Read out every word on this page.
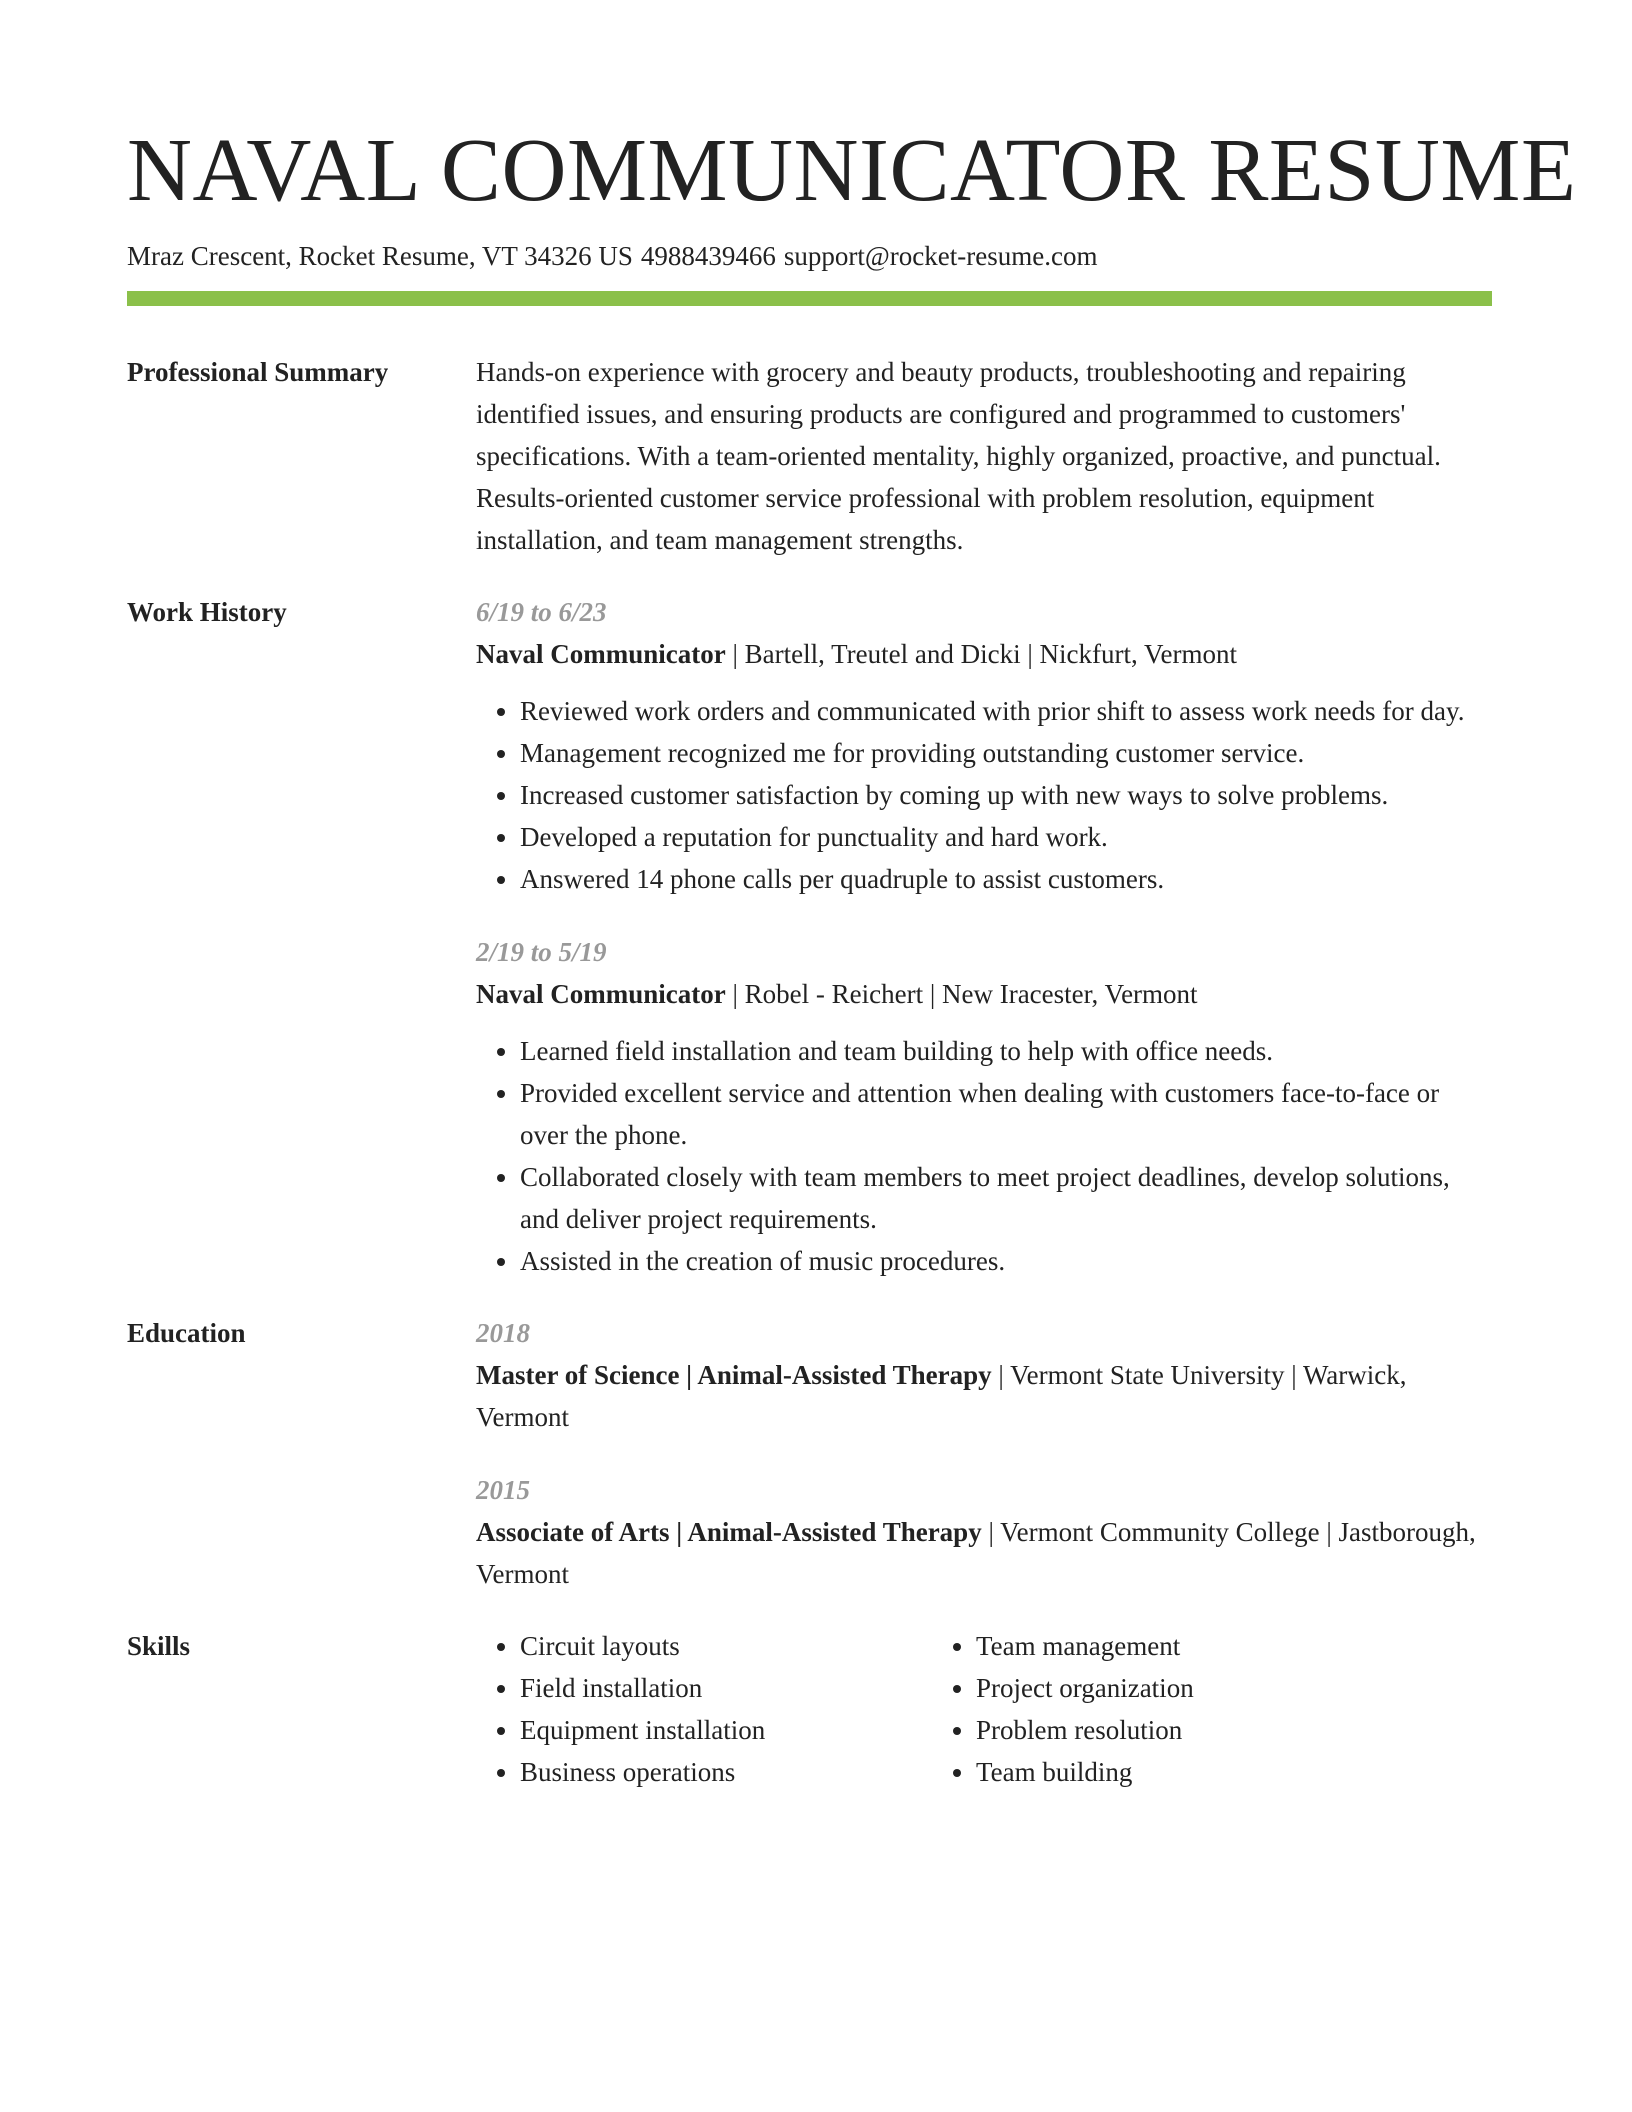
NAVAL COMMUNICATOR RESUME
Mraz Crescent, Rocket Resume, VT 34326 US 4988439466 support@rocket-resume.com
Professional Summary	Hands-on experience with grocery and beauty products, troubleshooting and repairing identified issues, and ensuring products are configured and programmed to customers' specifications. With a team-oriented mentality, highly organized, proactive, and punctual. Results-oriented customer service professional with problem resolution, equipment installation, and team management strengths.

Work History	6/19 to 6/23
Naval Communicator | Bartell, Treutel and Dicki | Nickfurt, Vermont
• Reviewed work orders and communicated with prior shift to assess work needs for day.
• Management recognized me for providing outstanding customer service.
• Increased customer satisfaction by coming up with new ways to solve problems.
• Developed a reputation for punctuality and hard work.
• Answered 14 phone calls per quadruple to assist customers.
2/19 to 5/19
Naval Communicator | Robel - Reichert | New Iracester, Vermont
• Learned field installation and team building to help with office needs.
• Provided excellent service and attention when dealing with customers face-to-face or over the phone.
• Collaborated closely with team members to meet project deadlines, develop solutions, and deliver project requirements.
• Assisted in the creation of music procedures.
Education	2018
Master of Science | Animal-Assisted Therapy | Vermont State University | Warwick, Vermont
2015
Associate of Arts | Animal-Assisted Therapy | Vermont Community College | Jastborough, Vermont
Skills
•	Circuit layouts
• Field installation
• Equipment installation
• Business operations
• Team management
• Project organization
• Problem resolution
• Team building
